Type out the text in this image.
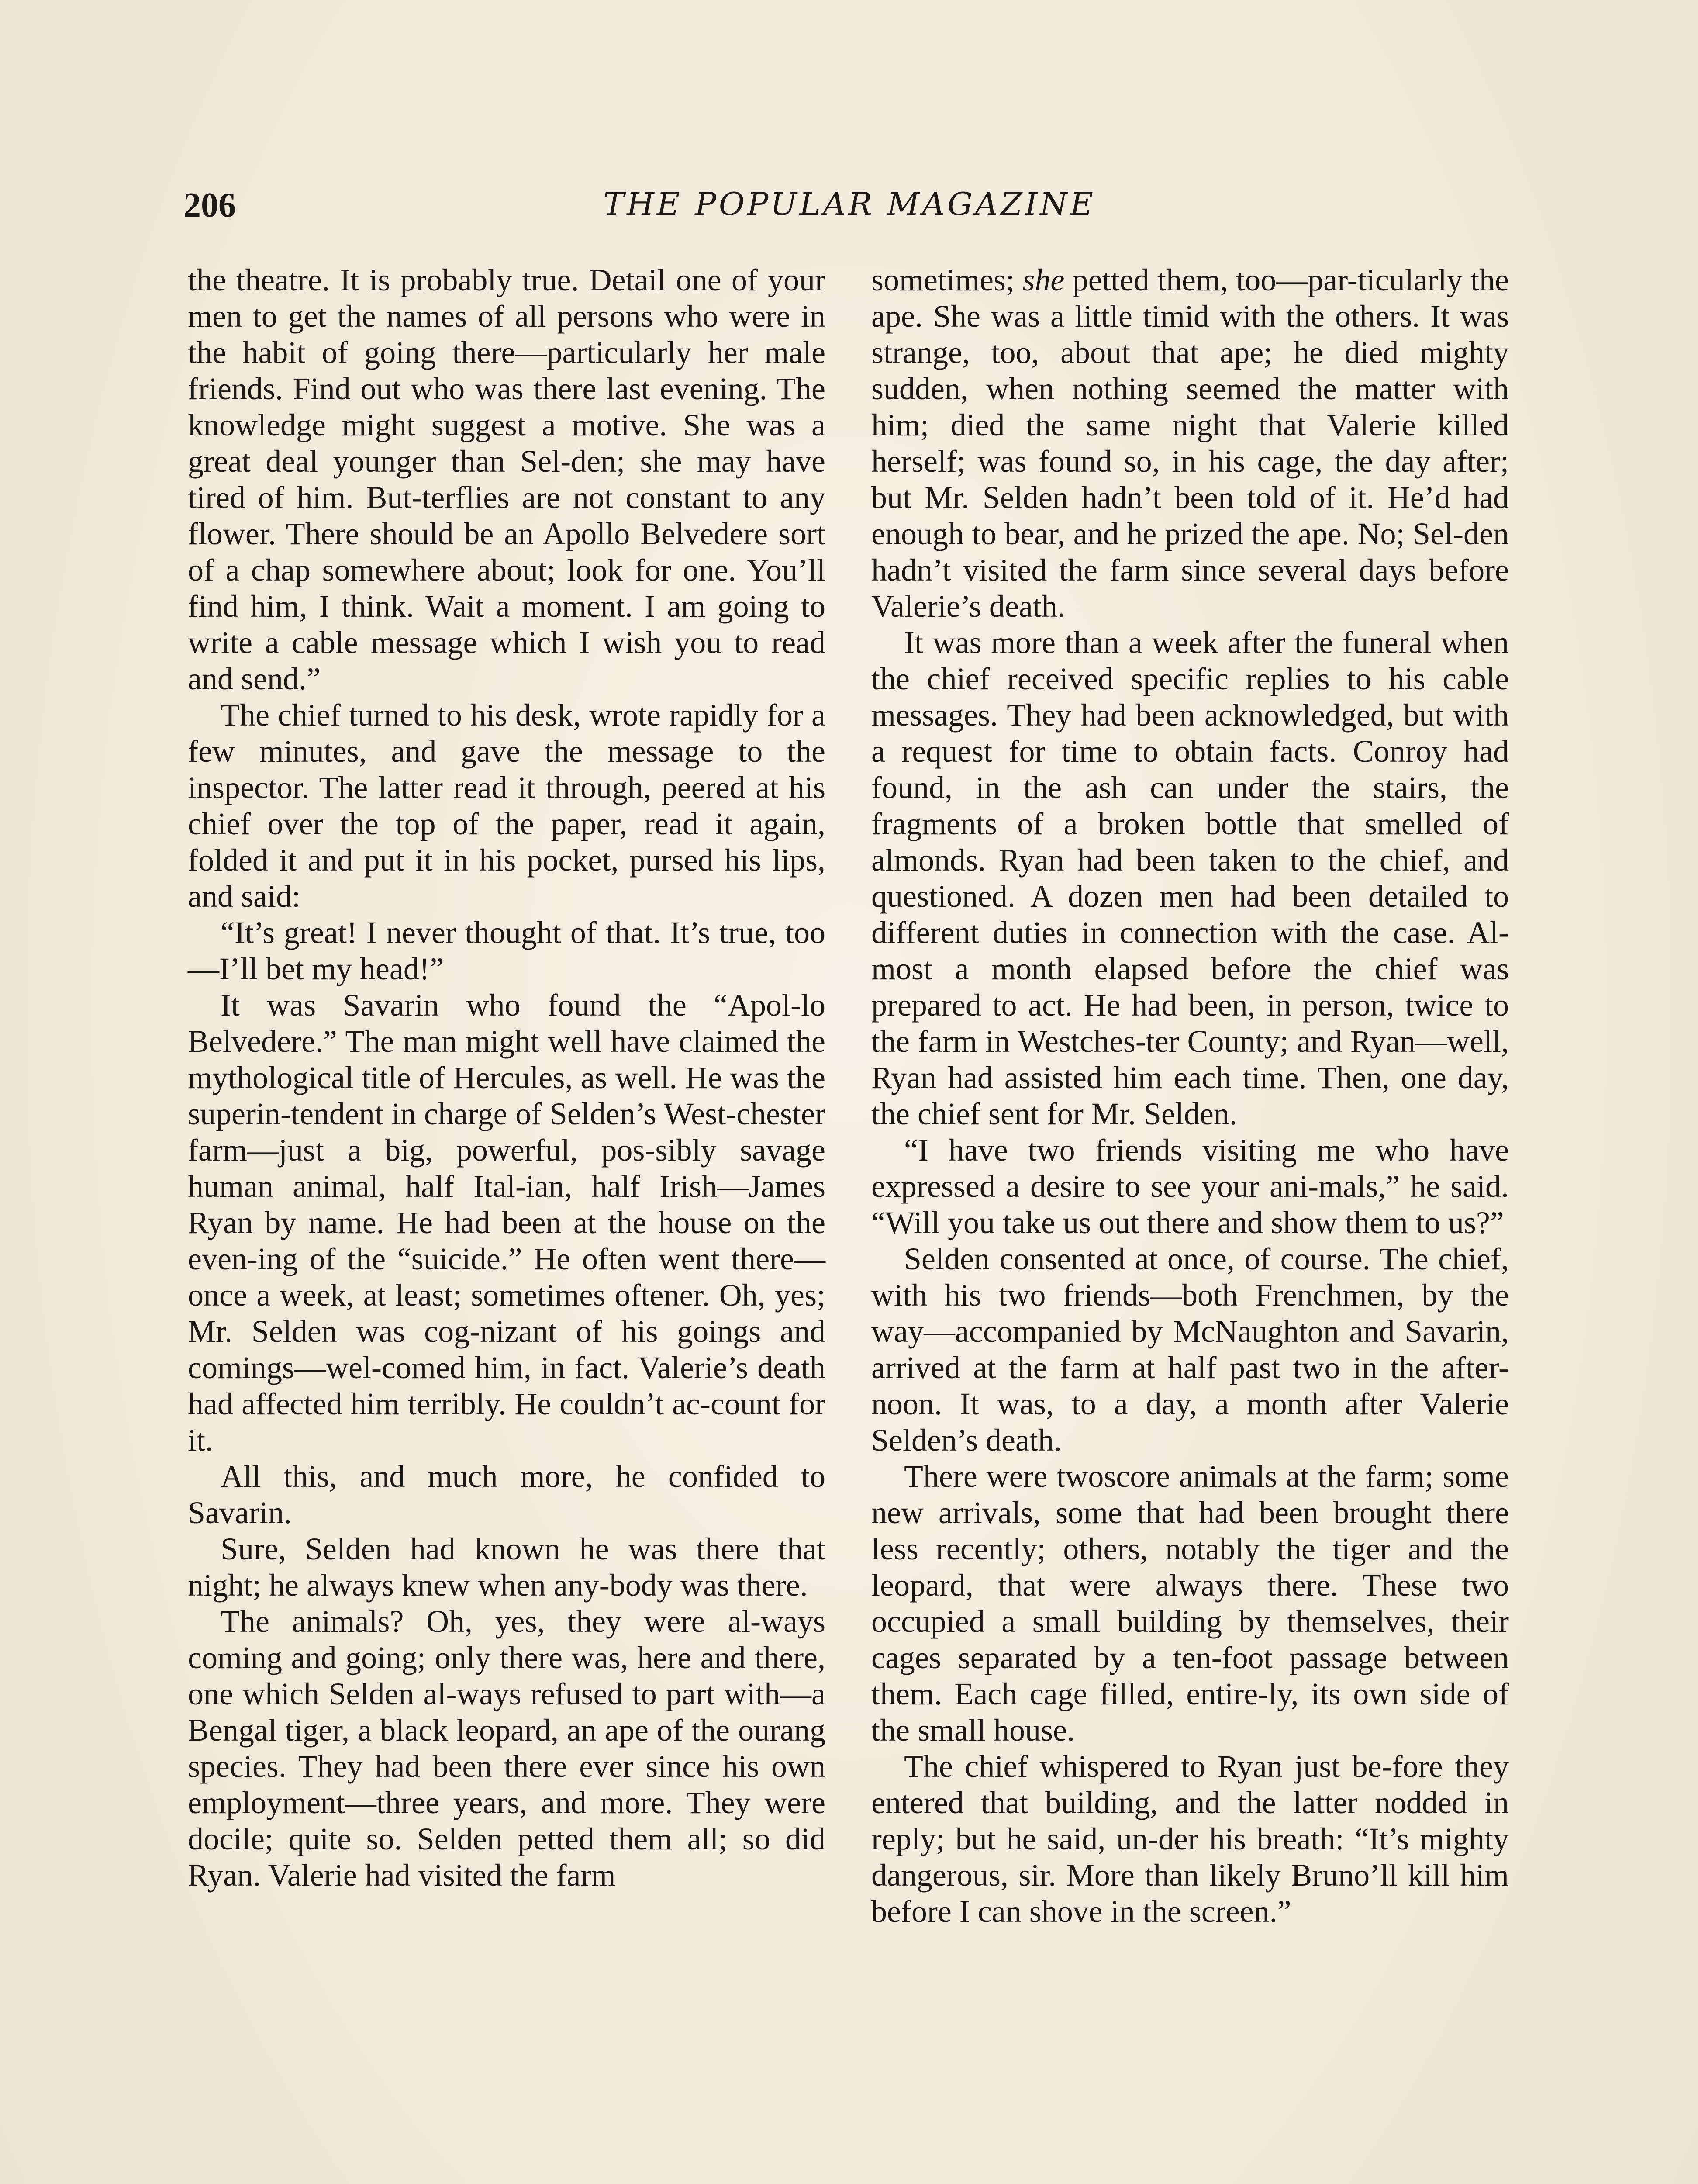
206	THE POPULAR MAGAZINE

the theatre. It is probably true. Detail one of your men to get the names of all persons who were in the habit of going there—particularly her male friends. Find out who was there last evening. The knowledge might suggest a motive. She was a great deal younger than Sel-den; she may have tired of him. But-terflies are not constant to any flower. There should be an Apollo Belvedere sort of a chap somewhere about; look for one. You’ll find him, I think. Wait a moment. I am going to write a cable message which I wish you to read and send.”

The chief turned to his desk, wrote rapidly for a few minutes, and gave the message to the inspector. The latter read it through, peered at his chief over the top of the paper, read it again, folded it and put it in his pocket, pursed his lips, and said:

“It’s great! I never thought of that. It’s true, too—I’ll bet my head!”

It was Savarin who found the “Apol-lo Belvedere.” The man might well have claimed the mythological title of Hercules, as well. He was the superin-tendent in charge of Selden’s West-chester farm—just a big, powerful, pos-sibly savage human animal, half Ital-ian, half Irish—James Ryan by name. He had been at the house on the even-ing of the “suicide.” He often went there—once a week, at least; sometimes oftener. Oh, yes; Mr. Selden was cog-nizant of his goings and comings—wel-comed him, in fact. Valerie’s death had affected him terribly. He couldn’t ac-count for it.

All this, and much more, he confided to Savarin.

Sure, Selden had known he was there that night; he always knew when any-body was there.

The animals? Oh, yes, they were al-ways coming and going; only there was, here and there, one which Selden al-ways refused to part with—a Bengal tiger, a black leopard, an ape of the ourang species. They had been there ever since his own employment—three years, and more. They were docile; quite so. Selden petted them all; so did Ryan. Valerie had visited the farm

sometimes; she petted them, too—par-ticularly the ape. She was a little timid with the others. It was strange, too, about that ape; he died mighty sudden, when nothing seemed the matter with him; died the same night that Valerie killed herself; was found so, in his cage, the day after; but Mr. Selden hadn’t been told of it. He’d had enough to bear, and he prized the ape. No; Sel-den hadn’t visited the farm since several days before Valerie’s death.

It was more than a week after the funeral when the chief received specific replies to his cable messages. They had been acknowledged, but with a request for time to obtain facts. Conroy had found, in the ash can under the stairs, the fragments of a broken bottle that smelled of almonds. Ryan had been taken to the chief, and questioned. A dozen men had been detailed to different duties in connection with the case. Al-most a month elapsed before the chief was prepared to act. He had been, in person, twice to the farm in Westches-ter County; and Ryan—well, Ryan had assisted him each time. Then, one day, the chief sent for Mr. Selden.

“I have two friends visiting me who have expressed a desire to see your ani-mals,” he said. “Will you take us out there and show them to us?”

Selden consented at once, of course. The chief, with his two friends—both Frenchmen, by the way—accompanied by McNaughton and Savarin, arrived at the farm at half past two in the after-noon. It was, to a day, a month after Valerie Selden’s death.

There were twoscore animals at the farm; some new arrivals, some that had been brought there less recently; others, notably the tiger and the leopard, that were always there. These two occupied a small building by themselves, their cages separated by a ten-foot passage between them. Each cage filled, entire-ly, its own side of the small house.

The chief whispered to Ryan just be-fore they entered that building, and the latter nodded in reply; but he said, un-der his breath: “It’s mighty dangerous, sir. More than likely Bruno’ll kill him before I can shove in the screen.”
